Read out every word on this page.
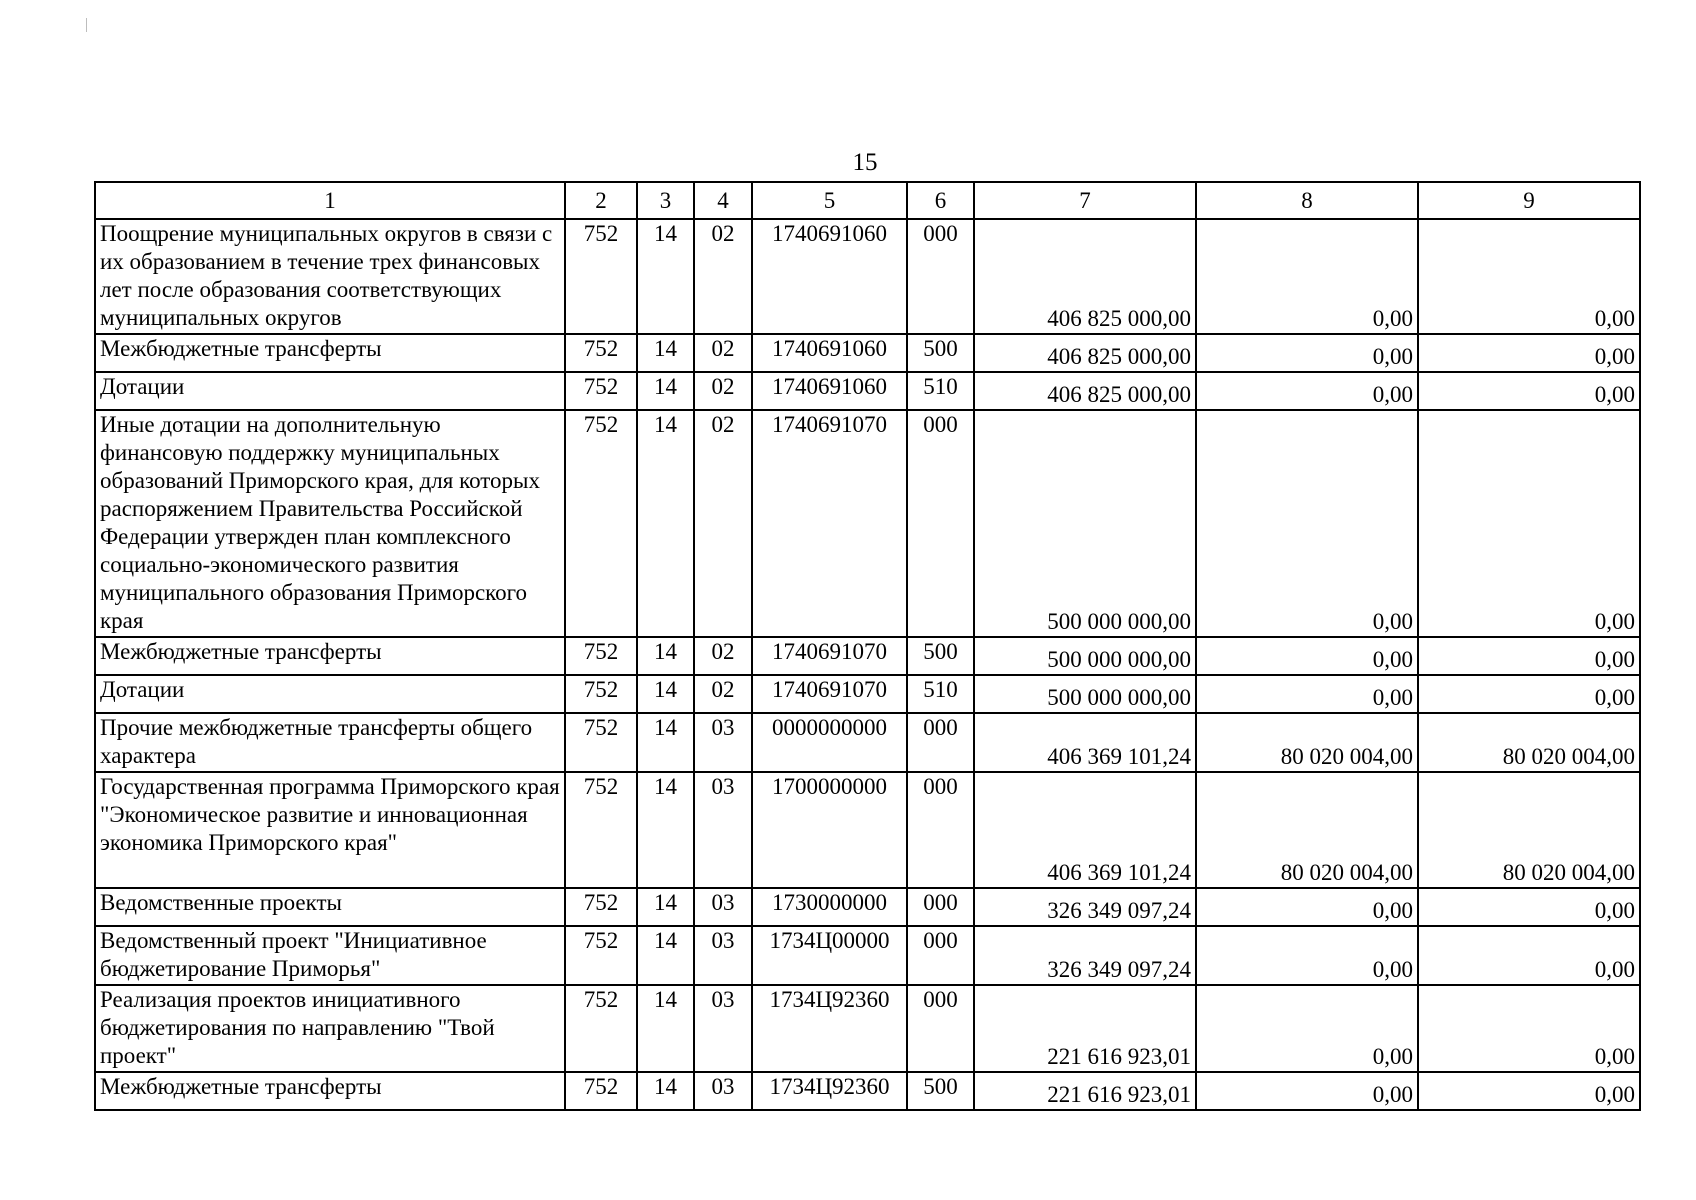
15
1	2	3	4	5	6	7	8	9
Поощрение муниципальных округов в связи с их образованием в течение трех финансовых лет после образования соответствующих муниципальных округов	752	14	02	1740691060	000	406 825 000,00	0,00	0,00
Межбюджетные трансферты	752	14	02	1740691060	500	406 825 000,00	0,00	0,00
Дотации	752	14	02	1740691060	510	406 825 000,00	0,00	0,00
Иные дотации на дополнительную финансовую поддержку муниципальных образований Приморского края, для которых распоряжением Правительства Российской Федерации утвержден план комплексного социально-экономического развития муниципального образования Приморского края	752	14	02	1740691070	000	500 000 000,00	0,00	0,00
Межбюджетные трансферты	752	14	02	1740691070	500	500 000 000,00	0,00	0,00
Дотации	752	14	02	1740691070	510	500 000 000,00	0,00	0,00
Прочие межбюджетные трансферты общего характера	752	14	03	0000000000	000	406 369 101,24	80 020 004,00	80 020 004,00
Государственная программа Приморского края "Экономическое развитие и инновационная экономика Приморского края"	752	14	03	1700000000	000	406 369 101,24	80 020 004,00	80 020 004,00
Ведомственные проекты	752	14	03	1730000000	000	326 349 097,24	0,00	0,00
Ведомственный проект "Инициативное бюджетирование Приморья"	752	14	03	1734Ц00000	000	326 349 097,24	0,00	0,00
Реализация проектов инициативного бюджетирования по направлению "Твой проект"	752	14	03	1734Ц92360	000	221 616 923,01	0,00	0,00
Межбюджетные трансферты	752	14	03	1734Ц92360	500	221 616 923,01	0,00	0,00
